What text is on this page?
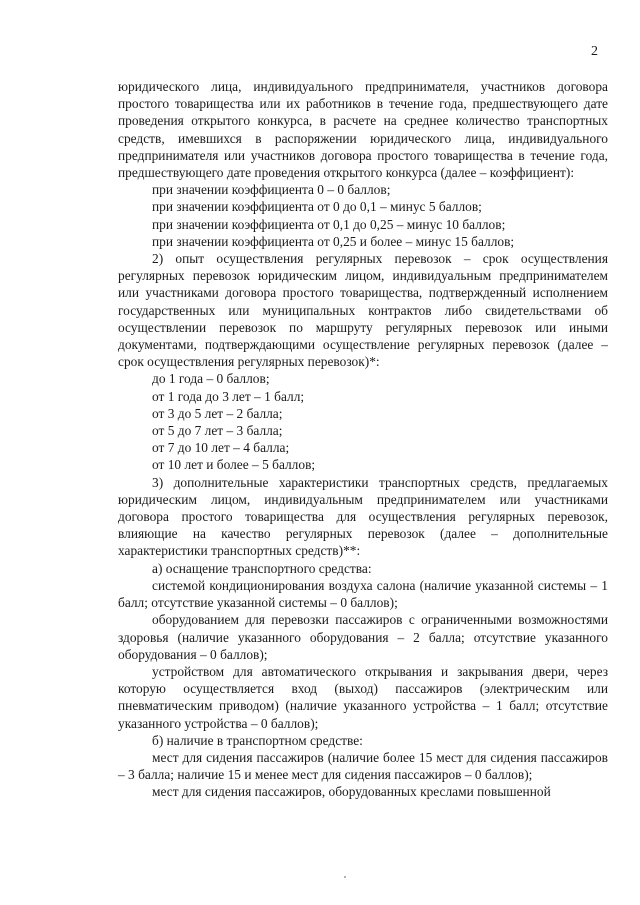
2

юридического лица, индивидуального предпринимателя, участников договора простого товарищества или их работников в течение года, предшествующего дате проведения открытого конкурса, в расчете на среднее количество транспортных средств, имевшихся в распоряжении юридического лица, индивидуального предпринимателя или участников договора простого товарищества в течение года, предшествующего дате проведения открытого конкурса (далее – коэффициент):

при значении коэффициента 0 – 0 баллов;

при значении коэффициента от 0 до 0,1 – минус 5 баллов;

при значении коэффициента от 0,1 до 0,25 – минус 10 баллов;

при значении коэффициента от 0,25 и более – минус 15 баллов;

2) опыт осуществления регулярных перевозок – срок осуществления регулярных перевозок юридическим лицом, индивидуальным предпринимателем или участниками договора простого товарищества, подтвержденный исполнением государственных или муниципальных контрактов либо свидетельствами об осуществлении перевозок по маршруту регулярных перевозок или иными документами, подтверждающими осуществление регулярных перевозок (далее – срок осуществления регулярных перевозок)*:

до 1 года – 0 баллов;

от 1 года до 3 лет – 1 балл;

от 3 до 5 лет – 2 балла;

от 5 до 7 лет – 3 балла;

от 7 до 10 лет – 4 балла;

от 10 лет и более – 5 баллов;

3) дополнительные характеристики транспортных средств, предлагаемых юридическим лицом, индивидуальным предпринимателем или участниками договора простого товарищества для осуществления регулярных перевозок, влияющие на качество регулярных перевозок (далее – дополнительные характеристики транспортных средств)**:

а) оснащение транспортного средства:

системой кондиционирования воздуха салона (наличие указанной системы – 1 балл; отсутствие указанной системы – 0 баллов);

оборудованием для перевозки пассажиров с ограниченными возможностями здоровья (наличие указанного оборудования – 2 балла; отсутствие указанного оборудования – 0 баллов);

устройством для автоматического открывания и закрывания двери, через которую осуществляется вход (выход) пассажиров (электрическим или пневматическим приводом) (наличие указанного устройства – 1 балл; отсутствие указанного устройства – 0 баллов);

б) наличие в транспортном средстве:

мест для сидения пассажиров (наличие более 15 мест для сидения пассажиров – 3 балла; наличие 15 и менее мест для сидения пассажиров – 0 баллов);

мест для сидения пассажиров, оборудованных креслами повышенной
